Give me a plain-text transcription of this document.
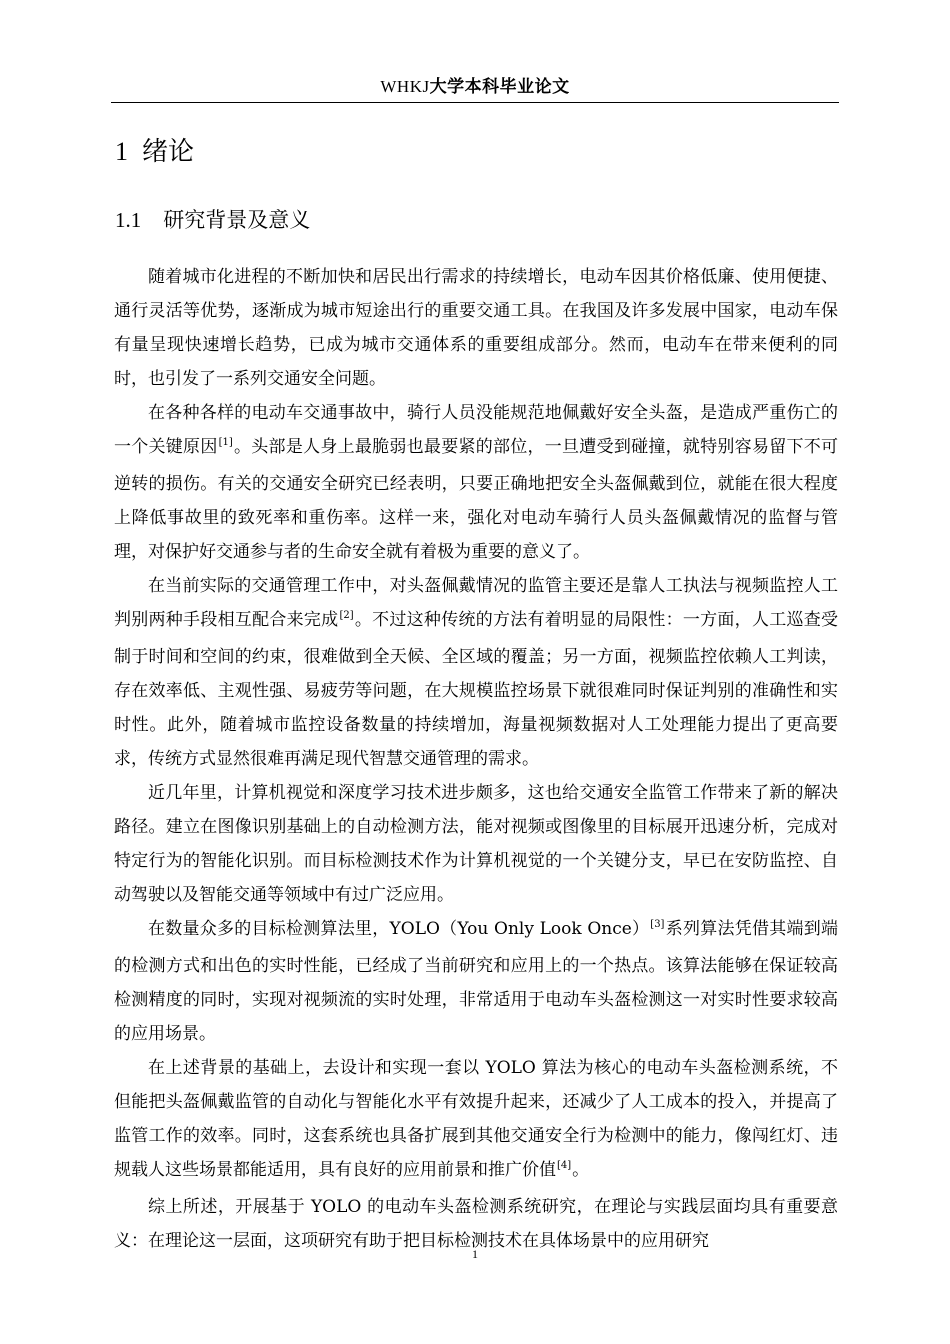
WHKJ大学本科毕业论文
1 绪论
1.1 研究背景及意义

随着城市化进程的不断加快和居民出行需求的持续增长，电动车因其价格低廉、使用便捷、通行灵活等优势，逐渐成为城市短途出行的重要交通工具。在我国及许多发展中国家，电动车保有量呈现快速增长趋势，已成为城市交通体系的重要组成部分。然而，电动车在带来便利的同时，也引发了一系列交通安全问题。

在各种各样的电动车交通事故中，骑行人员没能规范地佩戴好安全头盔，是造成严重伤亡的一个关键原因[1]。头部是人身上最脆弱也最要紧的部位，一旦遭受到碰撞，就特别容易留下不可逆转的损伤。有关的交通安全研究已经表明，只要正确地把安全头盔佩戴到位，就能在很大程度上降低事故里的致死率和重伤率。这样一来，强化对电动车骑行人员头盔佩戴情况的监督与管理，对保护好交通参与者的生命安全就有着极为重要的意义了。

在当前实际的交通管理工作中，对头盔佩戴情况的监管主要还是靠人工执法与视频监控人工判别两种手段相互配合来完成[2]。不过这种传统的方法有着明显的局限性：一方面，人工巡查受制于时间和空间的约束，很难做到全天候、全区域的覆盖；另一方面，视频监控依赖人工判读，存在效率低、主观性强、易疲劳等问题，在大规模监控场景下就很难同时保证判别的准确性和实时性。此外，随着城市监控设备数量的持续增加，海量视频数据对人工处理能力提出了更高要求，传统方式显然很难再满足现代智慧交通管理的需求。

近几年里，计算机视觉和深度学习技术进步颇多，这也给交通安全监管工作带来了新的解决路径。建立在图像识别基础上的自动检测方法，能对视频或图像里的目标展开迅速分析，完成对特定行为的智能化识别。而目标检测技术作为计算机视觉的一个关键分支，早已在安防监控、自动驾驶以及智能交通等领域中有过广泛应用。

在数量众多的目标检测算法里，YOLO（You Only Look Once）[3]系列算法凭借其端到端的检测方式和出色的实时性能，已经成了当前研究和应用上的一个热点。该算法能够在保证较高检测精度的同时，实现对视频流的实时处理，非常适用于电动车头盔检测这一对实时性要求较高的应用场景。

在上述背景的基础上，去设计和实现一套以 YOLO 算法为核心的电动车头盔检测系统，不但能把头盔佩戴监管的自动化与智能化水平有效提升起来，还减少了人工成本的投入，并提高了监管工作的效率。同时，这套系统也具备扩展到其他交通安全行为检测中的能力，像闯红灯、违规载人这些场景都能适用，具有良好的应用前景和推广价值[4]。

综上所述，开展基于 YOLO 的电动车头盔检测系统研究，在理论与实践层面均具有重要意义：在理论这一层面，这项研究有助于把目标检测技术在具体场景中的应用研究

1
